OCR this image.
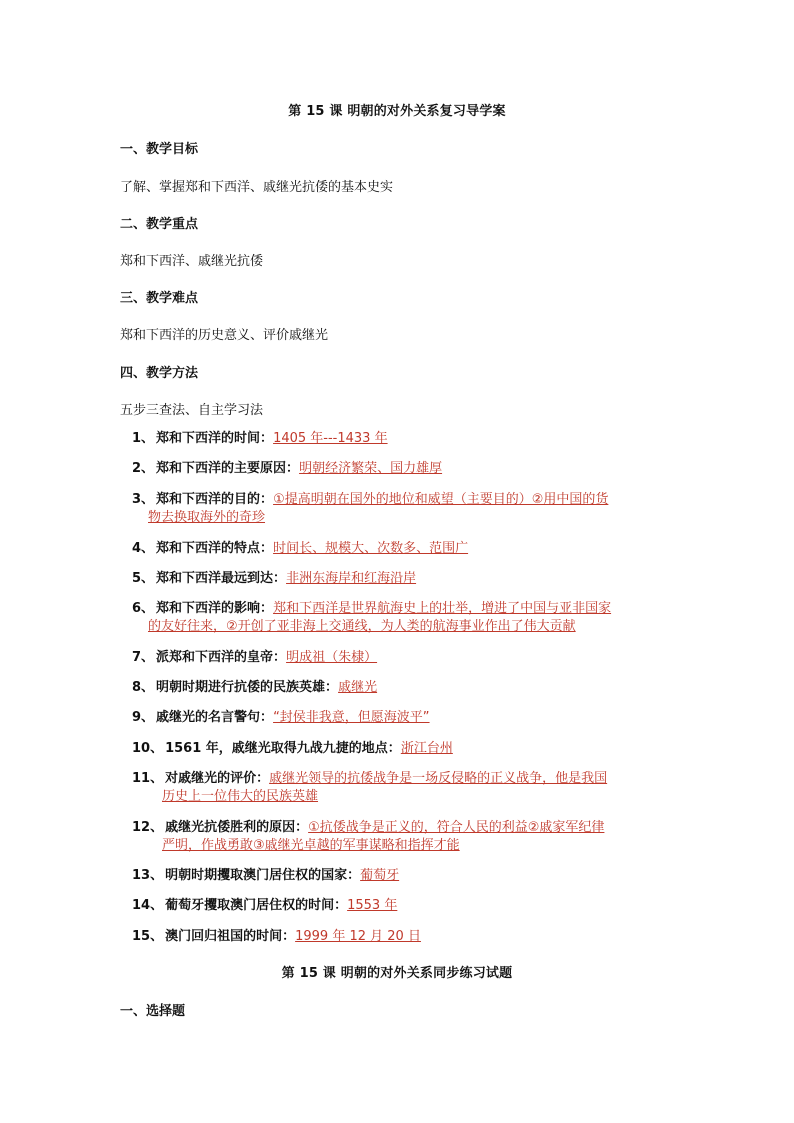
第 15 课 明朝的对外关系复习导学案
一、教学目标
了解、掌握郑和下西洋、戚继光抗倭的基本史实
二、教学重点
郑和下西洋、戚继光抗倭
三、教学难点
郑和下西洋的历史意义、评价戚继光
四、教学方法
五步三查法、自主学习法
1、 郑和下西洋的时间：1405 年---1433 年
2、 郑和下西洋的主要原因：明朝经济繁荣、国力雄厚
3、 郑和下西洋的目的：①提高明朝在国外的地位和威望（主要目的）②用中国的货
物去换取海外的奇珍
4、 郑和下西洋的特点：时间长、规模大、次数多、范围广
5、 郑和下西洋最远到达：非洲东海岸和红海沿岸
6、 郑和下西洋的影响：郑和下西洋是世界航海史上的壮举，增进了中国与亚非国家
的友好往来，②开创了亚非海上交通线，为人类的航海事业作出了伟大贡献
7、 派郑和下西洋的皇帝：明成祖（朱棣）
8、 明朝时期进行抗倭的民族英雄：戚继光
9、 戚继光的名言警句：“封侯非我意，但愿海波平”
10、 1561 年，戚继光取得九战九捷的地点：浙江台州
11、 对戚继光的评价：戚继光领导的抗倭战争是一场反侵略的正义战争，他是我国
历史上一位伟大的民族英雄
12、 戚继光抗倭胜利的原因：①抗倭战争是正义的，符合人民的利益②戚家军纪律
严明，作战勇敢③戚继光卓越的军事谋略和指挥才能
13、 明朝时期攫取澳门居住权的国家：葡萄牙
14、 葡萄牙攫取澳门居住权的时间：1553 年
15、 澳门回归祖国的时间：1999 年 12 月 20 日
第 15 课 明朝的对外关系同步练习试题
一、选择题
